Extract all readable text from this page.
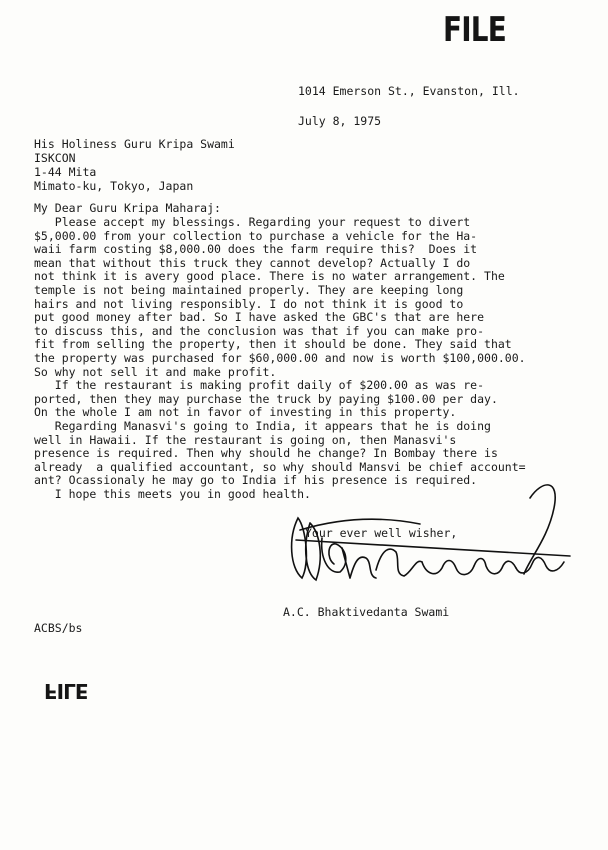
FILE
1014 Emerson St., Evanston, Ill.
July 8, 1975
His Holiness Guru Kripa Swami
ISKCON
1-44 Mita
Mimato-ku, Tokyo, Japan
My Dear Guru Kripa Maharaj:
Please accept my blessings. Regarding your request to divert
$5,000.00 from your collection to purchase a vehicle for the Ha-
waii farm costing $8,000.00 does the farm require this?  Does it
mean that without this truck they cannot develop? Actually I do
not think it is avery good place. There is no water arrangement. The
temple is not being maintained properly. They are keeping long
hairs and not living responsibly. I do not think it is good to
put good money after bad. So I have asked the GBC's that are here
to discuss this, and the conclusion was that if you can make pro-
fit from selling the property, then it should be done. They said that
the property was purchased for $60,000.00 and now is worth $100,000.00.
So why not sell it and make profit.
If the restaurant is making profit daily of $200.00 as was re-
ported, then they may purchase the truck by paying $100.00 per day.
On the whole I am not in favor of investing in this property.
Regarding Manasvi's going to India, it appears that he is doing
well in Hawaii. If the restaurant is going on, then Manasvi's
presence is required. Then why should he change? In Bombay there is
already  a qualified accountant, so why should Mansvi be chief account=
ant? Ocassionaly he may go to India if his presence is required.
I hope this meets you in good health.
Your ever well wisher,
A.C. Bhaktivedanta Swami
ACBS/bs
FILE
